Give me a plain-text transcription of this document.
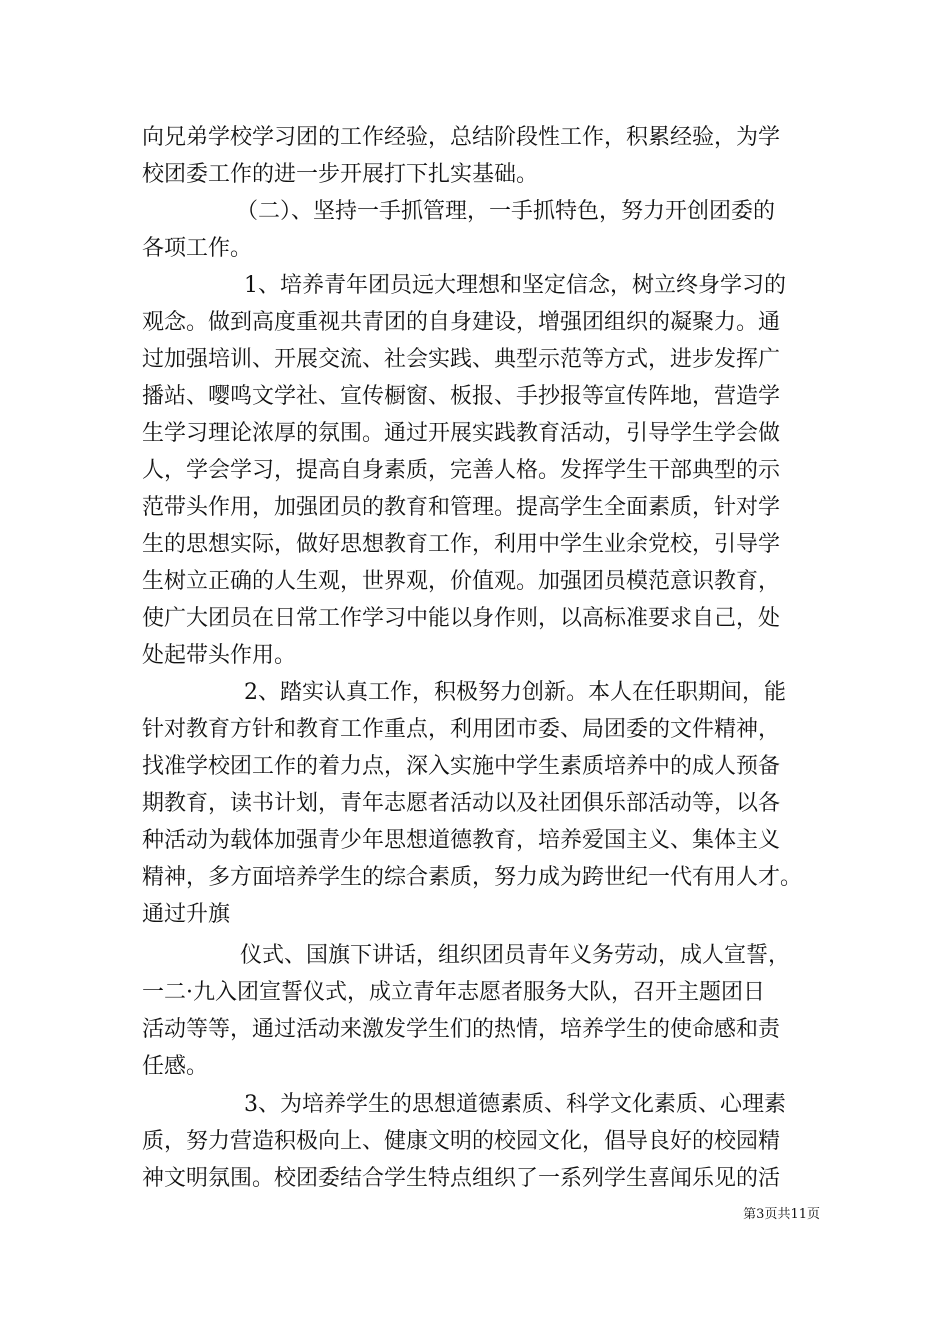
向兄弟学校学习团的工作经验，总结阶段性工作，积累经验，为学
校团委工作的进一步开展打下扎实基础。
（二）、坚持一手抓管理，一手抓特色，努力开创团委的
各项工作。
1、培养青年团员远大理想和坚定信念，树立终身学习的
观念。做到高度重视共青团的自身建设，增强团组织的凝聚力。通
过加强培训、开展交流、社会实践、典型示范等方式，进步发挥广
播站、嘤鸣文学社、宣传橱窗、板报、手抄报等宣传阵地，营造学
生学习理论浓厚的氛围。通过开展实践教育活动，引导学生学会做
人，学会学习，提高自身素质，完善人格。发挥学生干部典型的示
范带头作用，加强团员的教育和管理。提高学生全面素质，针对学
生的思想实际，做好思想教育工作，利用中学生业余党校，引导学
生树立正确的人生观，世界观，价值观。加强团员模范意识教育，
使广大团员在日常工作学习中能以身作则，以高标准要求自己，处
处起带头作用。
2、踏实认真工作，积极努力创新。本人在任职期间，能
针对教育方针和教育工作重点，利用团市委、局团委的文件精神，
找准学校团工作的着力点，深入实施中学生素质培养中的成人预备
期教育，读书计划，青年志愿者活动以及社团俱乐部活动等，以各
种活动为载体加强青少年思想道德教育，培养爱国主义、集体主义
精神，多方面培养学生的综合素质，努力成为跨世纪一代有用人才。
通过升旗
仪式、国旗下讲话，组织团员青年义务劳动，成人宣誓，
一二·九入团宣誓仪式，成立青年志愿者服务大队，召开主题团日
活动等等，通过活动来激发学生们的热情，培养学生的使命感和责
任感。
3、为培养学生的思想道德素质、科学文化素质、心理素
质，努力营造积极向上、健康文明的校园文化，倡导良好的校园精
神文明氛围。校团委结合学生特点组织了一系列学生喜闻乐见的活
第3页共11页
